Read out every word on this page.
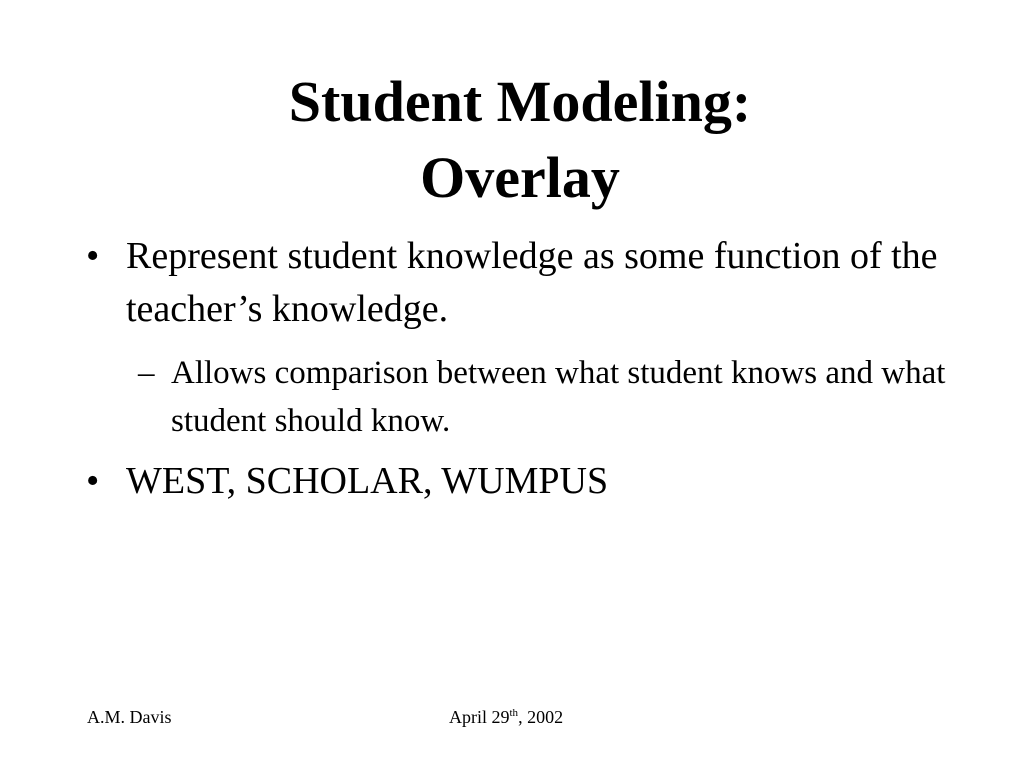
Student Modeling:
Overlay
• Represent student knowledge as some function of the teacher’s knowledge.
– Allows comparison between what student knows and what student should know.
• WEST, SCHOLAR, WUMPUS
A.M. Davis	April 29th, 2002
